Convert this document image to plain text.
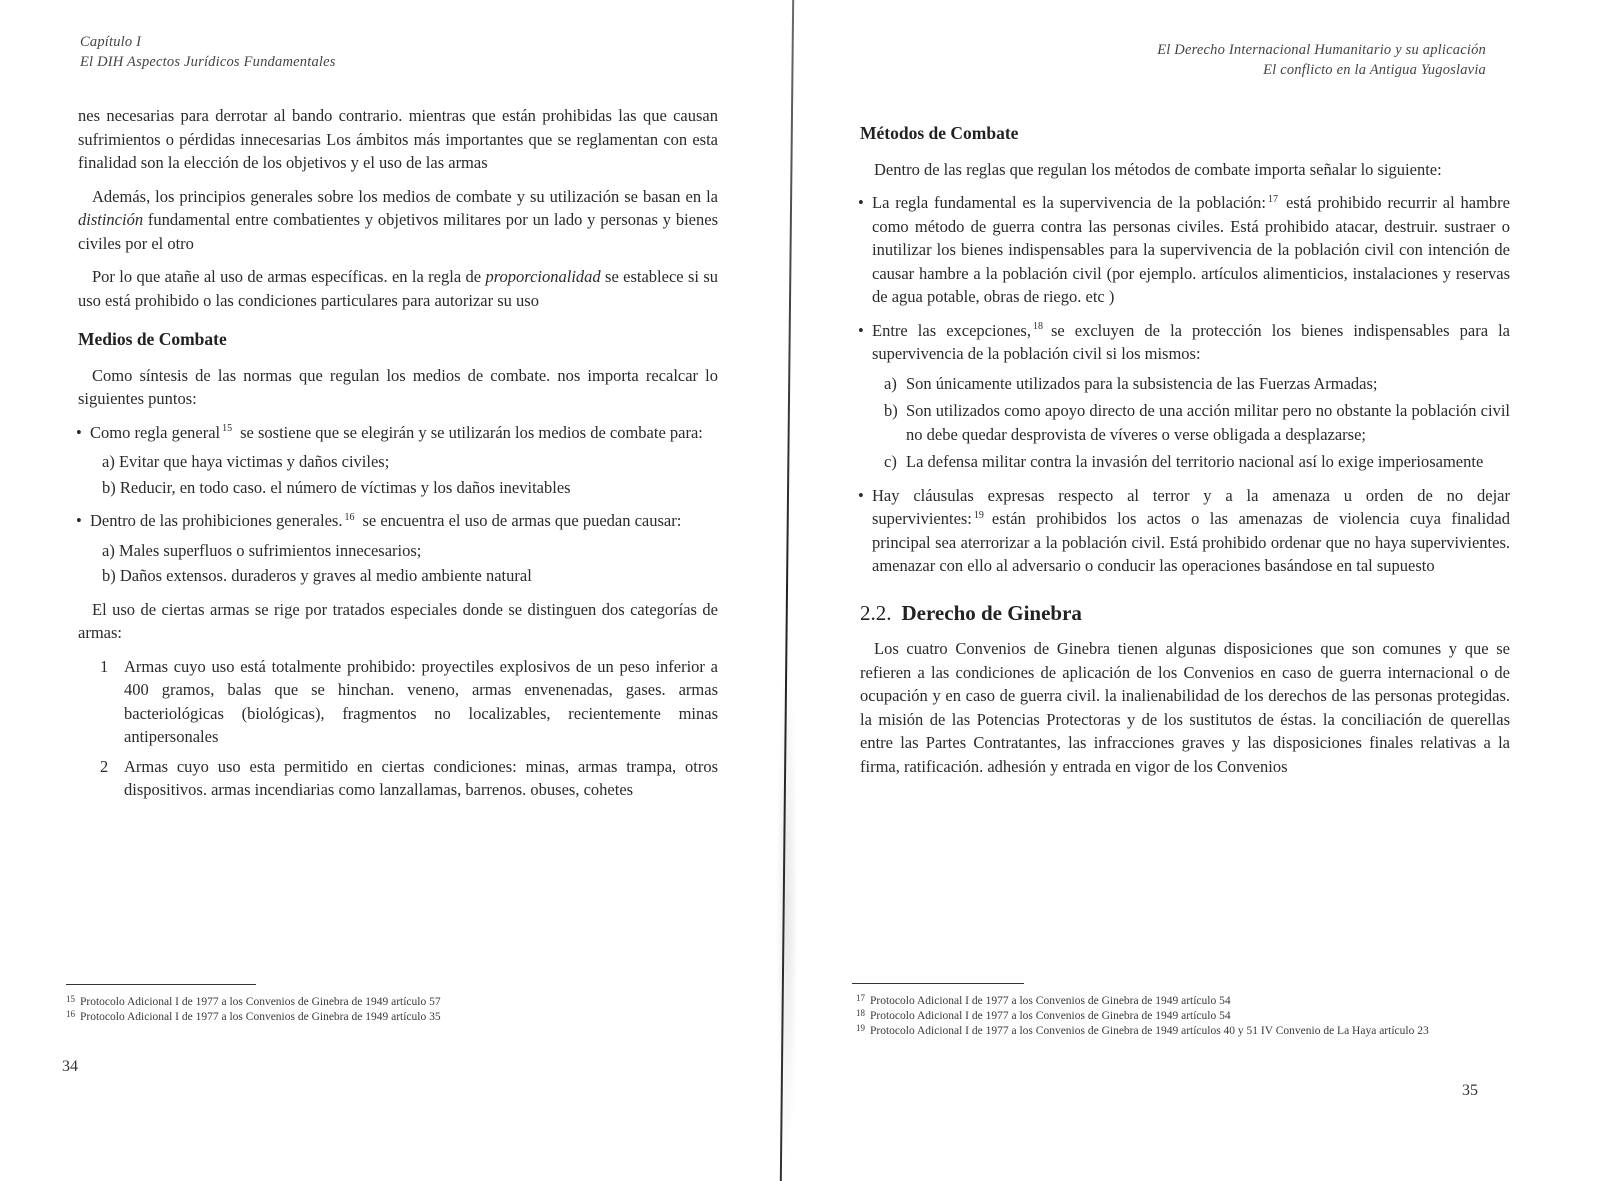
Capítulo I
El DIH Aspectos Jurídicos Fundamentales

nes necesarias para derrotar al bando contrario. mientras que están prohibidas las que causan sufrimientos o pérdidas innecesarias Los ámbitos más importantes que se reglamentan con esta finalidad son la elección de los objetivos y el uso de las armas

Además, los principios generales sobre los medios de combate y su utilización se basan en la distinción fundamental entre combatientes y objetivos militares por un lado y personas y bienes civiles por el otro

Por lo que atañe al uso de armas específicas. en la regla de proporcionalidad se establece si su uso está prohibido o las condiciones particulares para autorizar su uso

Medios de Combate

Como síntesis de las normas que regulan los medios de combate. nos importa recalcar lo siguientes puntos:

• Como regla general $^{15}$ se sostiene que se elegirán y se utilizarán los medios de combate para:
a) Evitar que haya victimas y daños civiles;
b) Reducir, en todo caso. el número de víctimas y los daños inevitables
• Dentro de las prohibiciones generales. $^{16}$ se encuentra el uso de armas que puedan causar:
a) Males superfluos o sufrimientos innecesarios;
b) Daños extensos. duraderos y graves al medio ambiente natural

El uso de ciertas armas se rige por tratados especiales donde se distinguen dos categorías de armas:

1 Armas cuyo uso está totalmente prohibido: proyectiles explosivos de un peso inferior a 400 gramos, balas que se hinchan. veneno, armas envenenadas, gases. armas bacteriológicas (biológicas), fragmentos no localizables, recientemente minas antipersonales
2 Armas cuyo uso esta permitido en ciertas condiciones: minas, armas trampa, otros dispositivos. armas incendiarias como lanzallamas, barrenos. obuses, cohetes
15 Protocolo Adicional I de 1977 a los Convenios de Ginebra de 1949 artículo 57
16 Protocolo Adicional I de 1977 a los Convenios de Ginebra de 1949 artículo 35
34
El Derecho Internacional Humanitario y su aplicación
El conflicto en la Antigua Yugoslavia
Métodos de Combate

Dentro de las reglas que regulan los métodos de combate importa señalar lo siguiente:

• La regla fundamental es la supervivencia de la población: $^{17}$ está prohibido recurrir al hambre como método de guerra contra las personas civiles. Está prohibido atacar, destruir. sustraer o inutilizar los bienes indispensables para la supervivencia de la población civil con intención de causar hambre a la población civil (por ejemplo. artículos alimenticios, instalaciones y reservas de agua potable, obras de riego. etc )
• Entre las excepciones, $^{18}$ se excluyen de la protección los bienes indispensables para la supervivencia de la población civil si los mismos:
a) Son únicamente utilizados para la subsistencia de las Fuerzas Armadas;
b) Son utilizados como apoyo directo de una acción militar pero no obstante la población civil no debe quedar desprovista de víveres o verse obligada a desplazarse;
c) La defensa militar contra la invasión del territorio nacional así lo exige imperiosamente
• Hay cláusulas expresas respecto al terror y a la amenaza u orden de no dejar supervivientes: $^{19}$ están prohibidos los actos o las amenazas de violencia cuya finalidad principal sea aterrorizar a la población civil. Está prohibido ordenar que no haya supervivientes. amenazar con ello al adversario o conducir las operaciones basándose en tal supuesto
2.2. Derecho de Ginebra

Los cuatro Convenios de Ginebra tienen algunas disposiciones que son comunes y que se refieren a las condiciones de aplicación de los Convenios en caso de guerra internacional o de ocupación y en caso de guerra civil. la inalienabilidad de los derechos de las personas protegidas. la misión de las Potencias Protectoras y de los sustitutos de éstas. la conciliación de querellas entre las Partes Contratantes, las infracciones graves y las disposiciones finales relativas a la firma, ratificación. adhesión y entrada en vigor de los Convenios

17 Protocolo Adicional I de 1977 a los Convenios de Ginebra de 1949 artículo 54
18 Protocolo Adicional I de 1977 a los Convenios de Ginebra de 1949 artículo 54
19 Protocolo Adicional I de 1977 a los Convenios de Ginebra de 1949 artículos 40 y 51 IV Convenio de La Haya artículo 23
35
